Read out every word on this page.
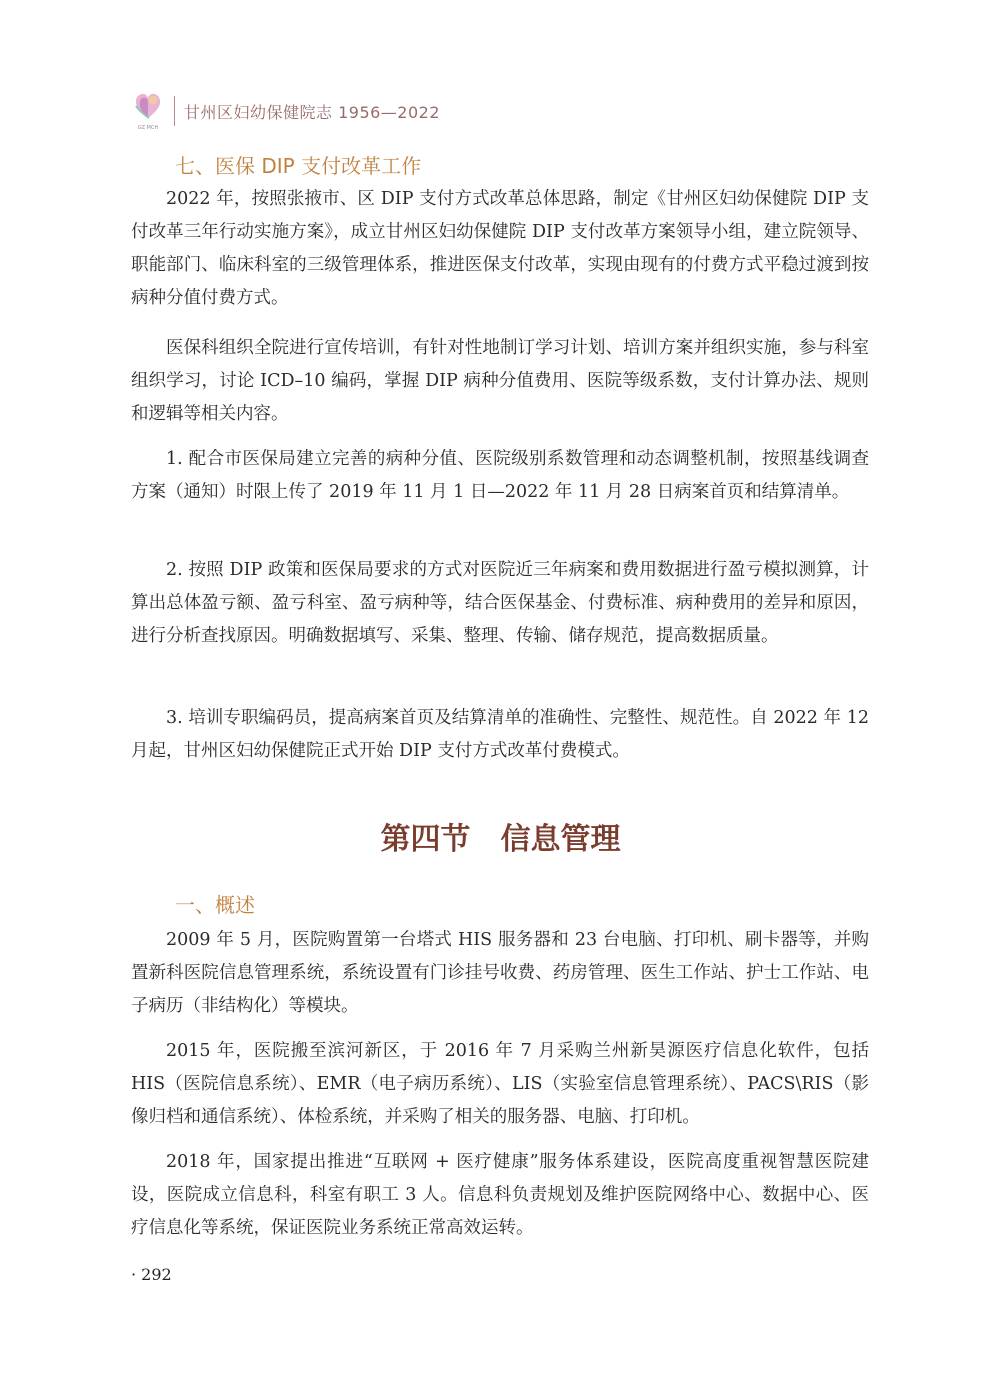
GZ·MCH
甘州区妇幼保健院志 1956—2022
七、医保 DIP 支付改革工作

2022 年，按照张掖市、区 DIP 支付方式改革总体思路，制定《甘州区妇幼保健院 DIP 支付改革三年行动实施方案》，成立甘州区妇幼保健院 DIP 支付改革方案领导小组，建立院领导、职能部门、临床科室的三级管理体系，推进医保支付改革，实现由现有的付费方式平稳过渡到按病种分值付费方式。

医保科组织全院进行宣传培训，有针对性地制订学习计划、培训方案并组织实施，参与科室组织学习，讨论 ICD–10 编码，掌握 DIP 病种分值费用、医院等级系数，支付计算办法、规则和逻辑等相关内容。

1. 配合市医保局建立完善的病种分值、医院级别系数管理和动态调整机制，按照基线调查方案（通知）时限上传了 2019 年 11 月 1 日—2022 年 11 月 28 日病案首页和结算清单。

2. 按照 DIP 政策和医保局要求的方式对医院近三年病案和费用数据进行盈亏模拟测算，计算出总体盈亏额、盈亏科室、盈亏病种等，结合医保基金、付费标准、病种费用的差异和原因，进行分析查找原因。明确数据填写、采集、整理、传输、储存规范，提高数据质量。

3. 培训专职编码员，提高病案首页及结算清单的准确性、完整性、规范性。自 2022 年 12 月起，甘州区妇幼保健院正式开始 DIP 支付方式改革付费模式。

第四节　信息管理
一、概述

2009 年 5 月，医院购置第一台塔式 HIS 服务器和 23 台电脑、打印机、刷卡器等，并购置新科医院信息管理系统，系统设置有门诊挂号收费、药房管理、医生工作站、护士工作站、电子病历（非结构化）等模块。

2015 年，医院搬至滨河新区，于 2016 年 7 月采购兰州新昊源医疗信息化软件，包括 HIS（医院信息系统）、EMR（电子病历系统）、LIS（实验室信息管理系统）、PACS\RIS（影像归档和通信系统）、体检系统，并采购了相关的服务器、电脑、打印机。

2018 年，国家提出推进“互联网 + 医疗健康”服务体系建设，医院高度重视智慧医院建设，医院成立信息科，科室有职工 3 人。信息科负责规划及维护医院网络中心、数据中心、医疗信息化等系统，保证医院业务系统正常高效运转。

· 292
